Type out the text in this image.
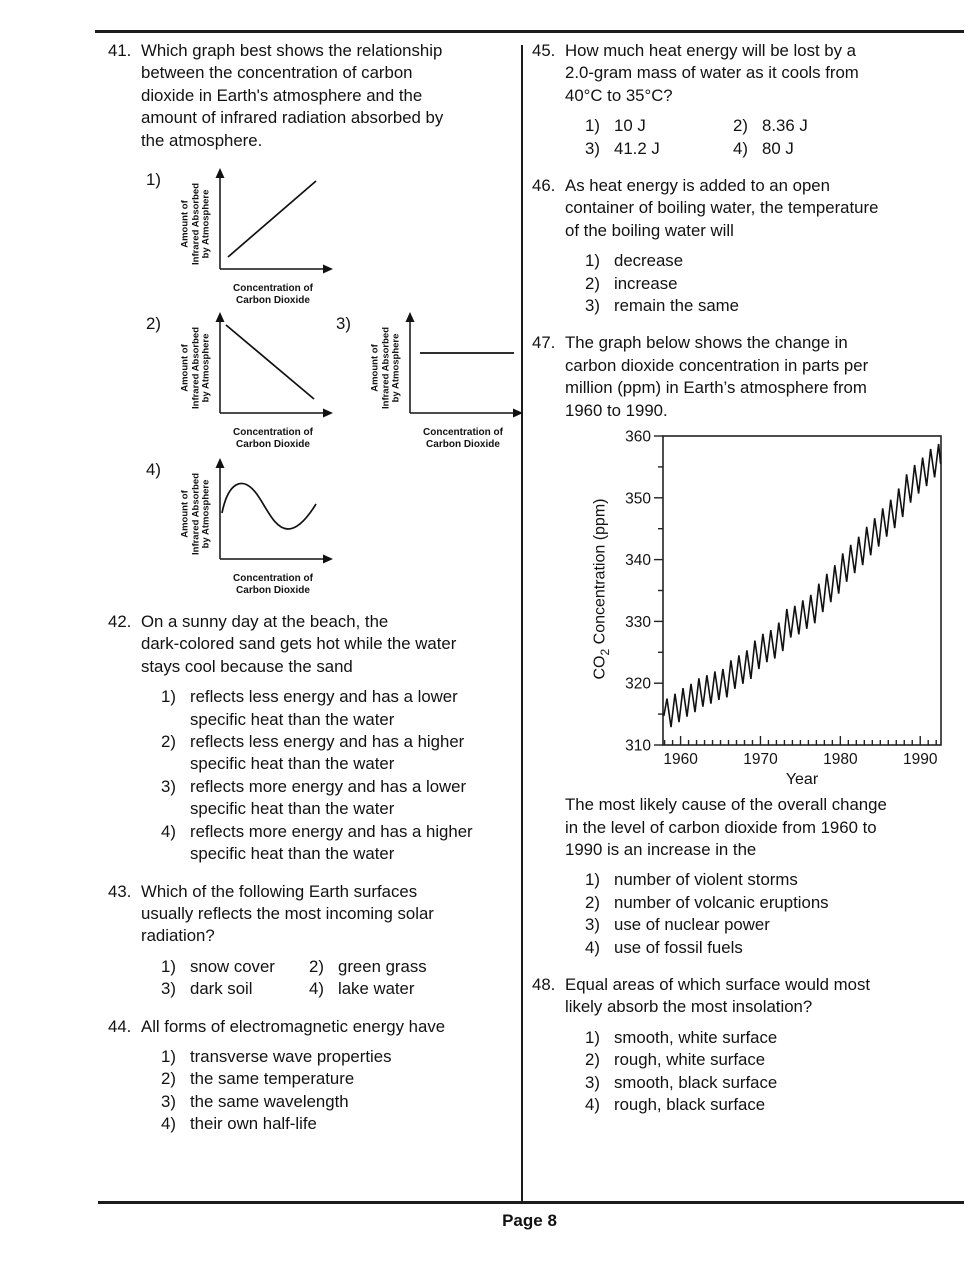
Page 8
41. Which graph best shows the relationship
between the concentration of carbon
dioxide in Earth's atmosphere and the
amount of infrared radiation absorbed by
the atmosphere.
1)
Amount of Infrared Absorbed by Atmosphere
Concentration of
Carbon Dioxide
2)
Amount of Infrared Absorbed by Atmosphere
Concentration of
Carbon Dioxide
3)
Amount of Infrared Absorbed by Atmosphere
Concentration of
Carbon Dioxide
4)
Amount of Infrared Absorbed by Atmosphere
Concentration of
Carbon Dioxide
42. On a sunny day at the beach, the
dark-colored sand gets hot while the water
stays cool because the sand
1) reflects less energy and has a lower
specific heat than the water
2) reflects less energy and has a higher
specific heat than the water
3) reflects more energy and has a lower
specific heat than the water
4) reflects more energy and has a higher
specific heat than the water
43. Which of the following Earth surfaces
usually reflects the most incoming solar
radiation?
1) snow cover 2) green grass
3) dark soil	4) lake water
44. All forms of electromagnetic energy have
1) transverse wave properties
2) the same temperature
3) the same wavelength
4) their own half-life
45. How much heat energy will be lost by a
2.0-gram mass of water as it cools from
40°C to 35°C?
1) 10 J	2) 8.36 J
3) 41.2 J	4) 80 J
46. As heat energy is added to an open
container of boiling water, the temperature
of the boiling water will
1) decrease
2) increase
3) remain the same
47. The graph below shows the change in
carbon dioxide concentration in parts per
million (ppm) in Earth’s atmosphere from
1960 to 1990.
$CO_2$ Concentration (ppm)
310
320
330
340
350
360
1960	1970	1980	1990
Year
The most likely cause of the overall change
in the level of carbon dioxide from 1960 to
1990 is an increase in the
1) number of violent storms
2) number of volcanic eruptions
3) use of nuclear power
4) use of fossil fuels
48. Equal areas of which surface would most
likely absorb the most insolation?
1) smooth, white surface
2) rough, white surface
3) smooth, black surface
4) rough, black surface
